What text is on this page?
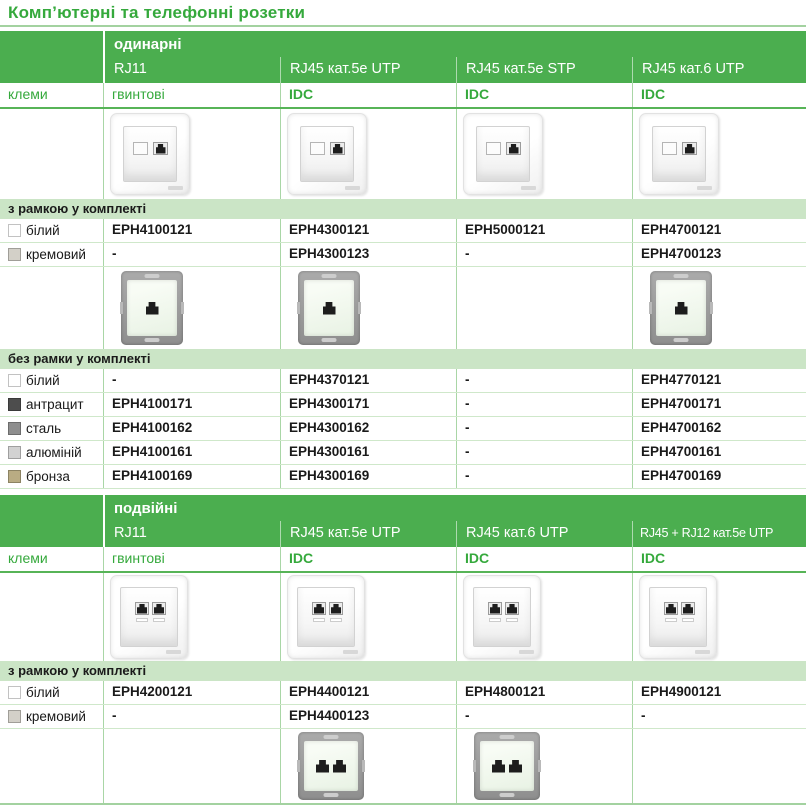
Комп’ютерні та телефонні розетки
одинарні
RJ11	RJ45 кат.5e UTP	RJ45 кат.5e STP	RJ45 кат.6 UTP
клеми	гвинтові	IDC	IDC	IDC
з рамкою у комплекті
білий	EPH4100121	EPH4300121	EPH5000121	EPH4700121
кремовий	-	EPH4300123	-	EPH4700123
без рамки у комплекті
білий	-	EPH4370121	-	EPH4770121
антрацит	EPH4100171	EPH4300171	-	EPH4700171
сталь	EPH4100162	EPH4300162	-	EPH4700162
алюміній	EPH4100161	EPH4300161	-	EPH4700161
бронза	EPH4100169	EPH4300169	-	EPH4700169
подвійні
RJ11	RJ45 кат.5e UTP	RJ45 кат.6 UTP	RJ45 + RJ12 кат.5e UTP
клеми	гвинтові	IDC	IDC	IDC
з рамкою у комплекті
білий	EPH4200121	EPH4400121	EPH4800121	EPH4900121
кремовий	-	EPH4400123	-	-
